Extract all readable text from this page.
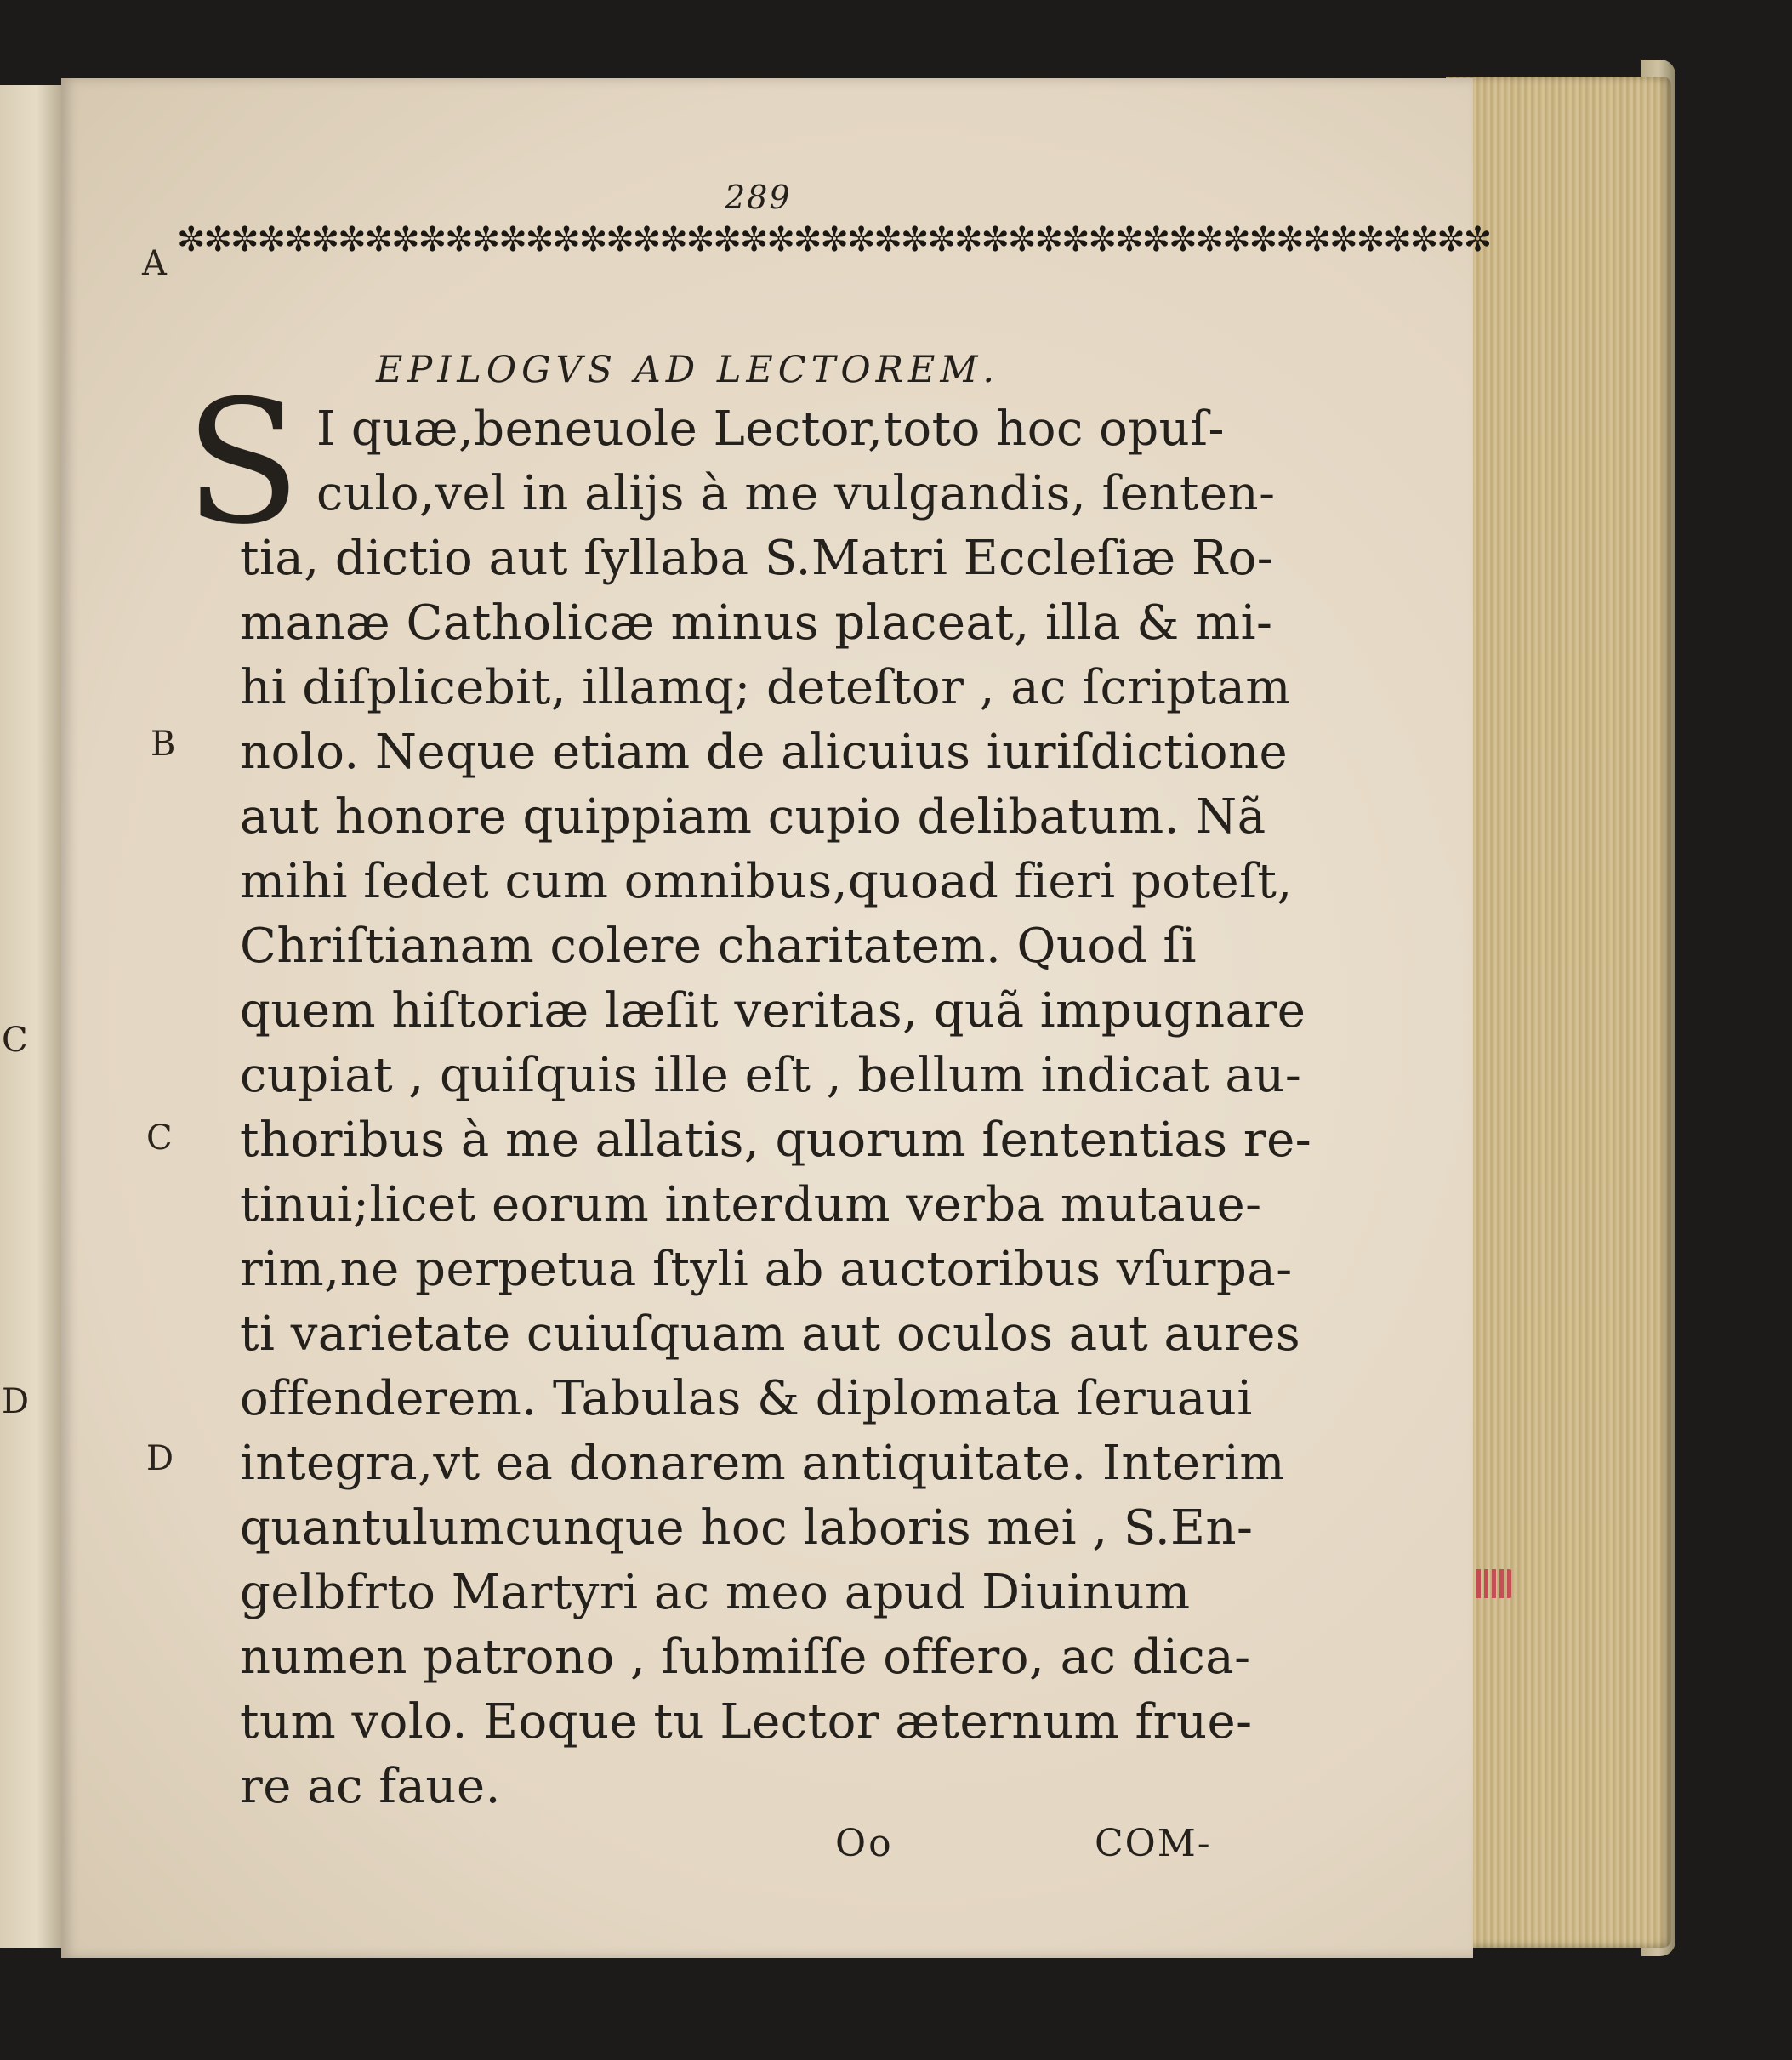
C
D
289
✼✼✼✼✼✼✼✼✼✼✼✼✼✼✼✼✼✼✼✼✼✼✼✼✼✼✼✼✼✼✼✼✼✼✼✼✼✼✼✼✼✼✼✼✼✼✼✼✼
A
B
C
D
EPILOGVS AD LECTOREM.
S I quæ,beneuole Lector,toto hoc opuſ-
culo,vel in alijs à me vulgandis, ſenten-
tia, dictio aut ſyllaba S.Matri Eccleſiæ Ro-
manæ Catholicæ minus placeat, illa & mi-
hi diſplicebit, illamq; deteſtor , ac ſcriptam
nolo. Neque etiam de alicuius iuriſdictione
aut honore quippiam cupio delibatum. Nã
mihi ſedet cum omnibus,quoad fieri poteſt,
Chriſtianam colere charitatem. Quod ſi
quem hiſtoriæ læſit veritas, quã impugnare
cupiat , quiſquis ille eſt , bellum indicat au-
thoribus à me allatis, quorum ſententias re-
tinui;licet eorum interdum verba mutaue-
rim,ne perpetua ſtyli ab auctoribus vſurpa-
ti varietate cuiuſquam aut oculos aut aures
offenderem. Tabulas & diplomata ſeruaui
integra,vt ea donarem antiquitate. Interim
quantulumcunque hoc laboris mei , S.En-
gelbfrto Martyri ac meo apud Diuinum
numen patrono , ſubmiſſe offero, ac dica-
tum volo. Eoque tu Lector æternum frue-
re ac faue.
Oo	COM-
